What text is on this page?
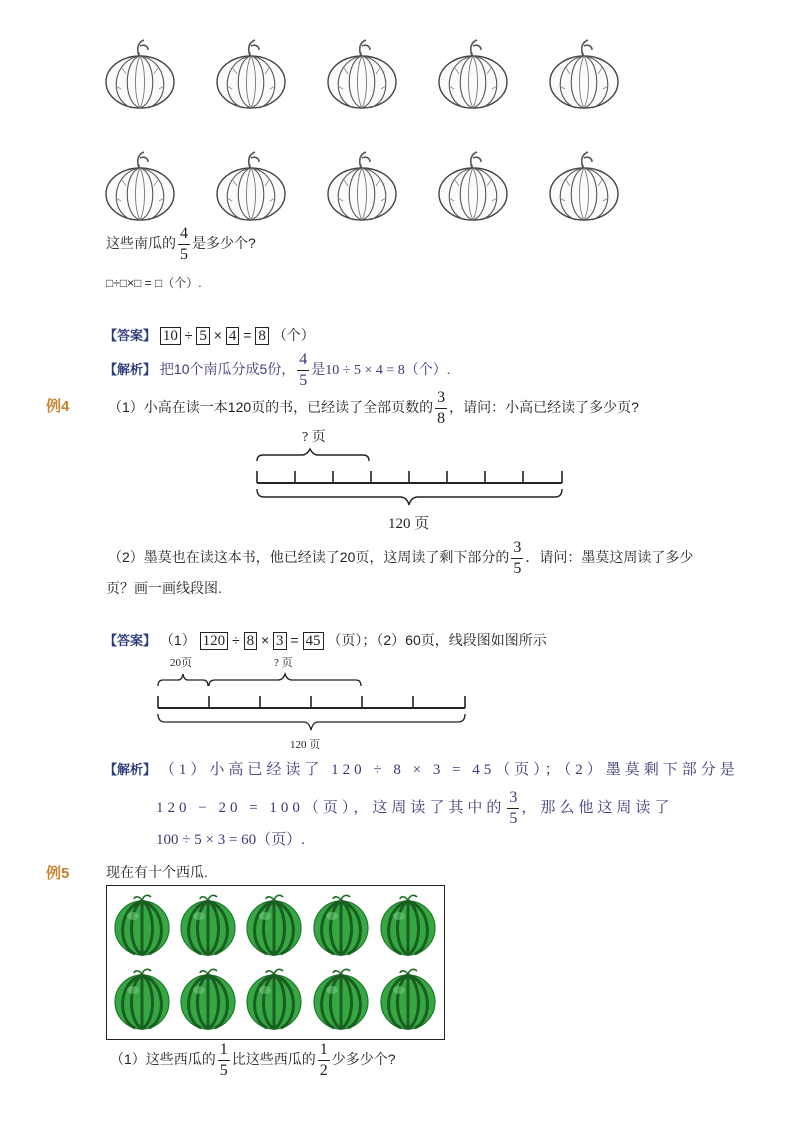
这些南瓜的 $\frac{4}{5}$ 是多少个?
□÷□×□ = □（个）.
【答案】 10 ÷ 5 × 4 = 8 （个）
【解析】 把10个南瓜分成5份， $\frac{4}{5}$ 是10 ÷ 5 × 4 = 8（个）.
例4	（1）小高在读一本120页的书，已经读了全部页数的 $\frac{3}{8}$ ，请问：小高已经读了多少页?
? 页
120 页
（2）墨莫也在读这本书，他已经读了20页，这周读了剩下部分的 $\frac{3}{5}$ ．请问：墨莫这周读了多少
页？画一画线段图.
【答案】 （1） 120 ÷ 8 × 3 = 45 （页）；（2）60页，线段图如图所示
20页	? 页
120 页
【解析】 （1）小高已经读了 120 ÷ 8 × 3 = 45（页）；（2）墨莫剩下部分是
120 − 20 = 100（页），这周读了其中的 $\frac{3}{5}$ ，那么他这周读了
100 ÷ 5 × 3 = 60（页）.
例5	现在有十个西瓜.
（1）这些西瓜的 $\frac{1}{5}$ 比这些西瓜的 $\frac{1}{2}$ 少多少个?
